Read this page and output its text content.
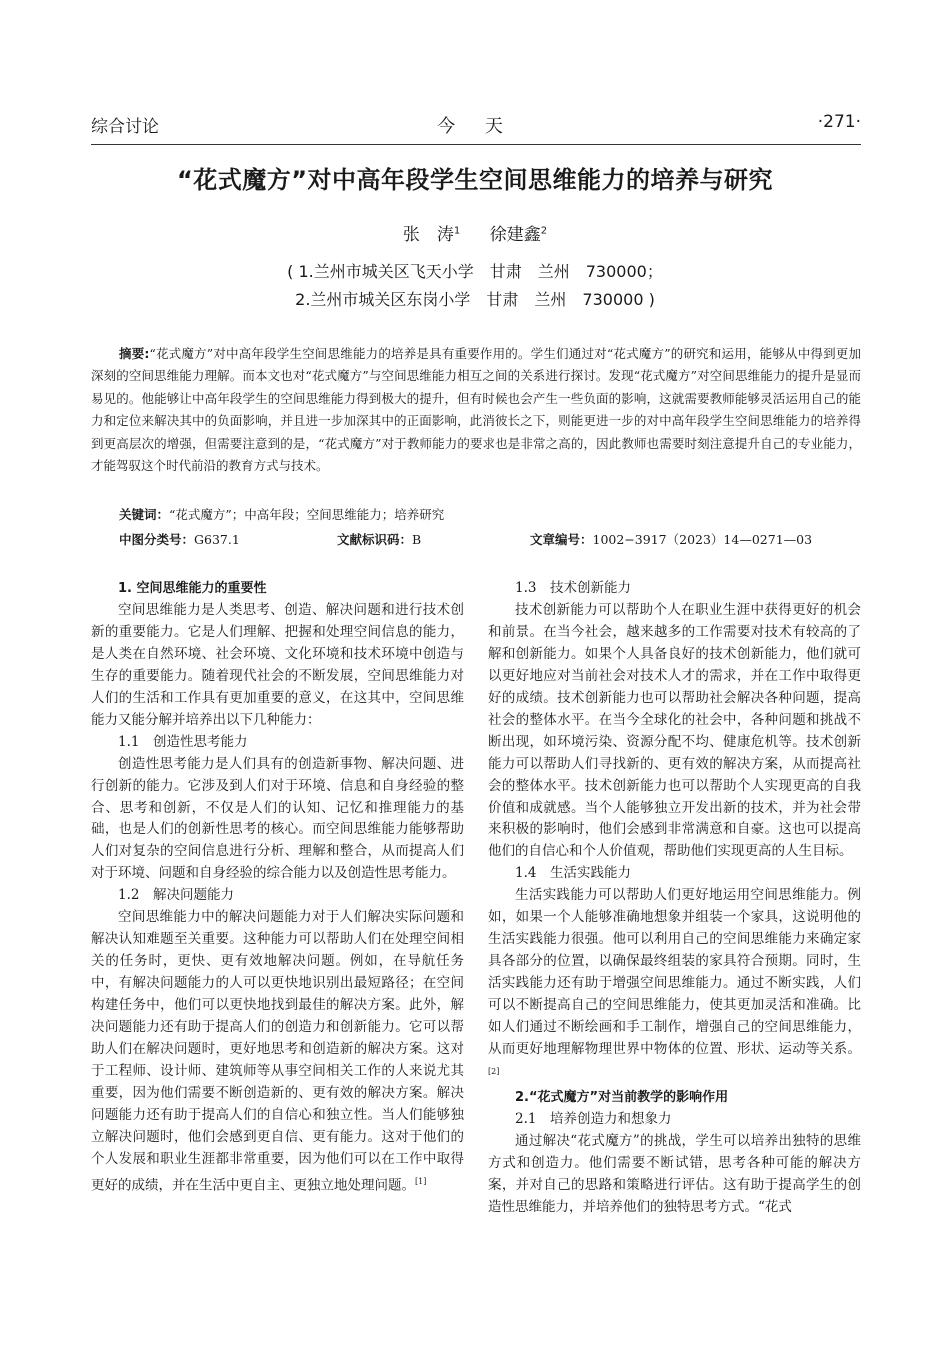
综合讨论	今 天	·271·
“花式魔方”对中高年段学生空间思维能力的培养与研究
张　涛$^1$ 徐建鑫$^2$
( 1.兰州市城关区飞天小学　甘肃　兰州　730000；
2.兰州市城关区东岗小学　甘肃　兰州　730000 )
摘要:“花式魔方”对中高年段学生空间思维能力的培养是具有重要作用的。学生们通过对“花式魔方”的研究和运用，能够从中得到更加深刻的空间思维能力理解。而本文也对“花式魔方”与空间思维能力相互之间的关系进行探讨。发现“花式魔方”对空间思维能力的提升是显而易见的。他能够让中高年段学生的空间思维能力得到极大的提升，但有时候也会产生一些负面的影响，这就需要教师能够灵活运用自己的能力和定位来解决其中的负面影响，并且进一步加深其中的正面影响，此消彼长之下，则能更进一步的对中高年段学生空间思维能力的培养得到更高层次的增强，但需要注意到的是，“花式魔方”对于教师能力的要求也是非常之高的，因此教师也需要时刻注意提升自己的专业能力，才能驾驭这个时代前沿的教育方式与技术。
关键词：“花式魔方”；中高年段；空间思维能力；培养研究
中图分类号：G637.1	文献标识码：B	文章编号：1002−3917（2023）14—0271—03

1. 空间思维能力的重要性

空间思维能力是人类思考、创造、解决问题和进行技术创新的重要能力。它是人们理解、把握和处理空间信息的能力，是人类在自然环境、社会环境、文化环境和技术环境中创造与生存的重要能力。随着现代社会的不断发展，空间思维能力对人们的生活和工作具有更加重要的意义，在这其中，空间思维能力又能分解并培养出以下几种能力：

1.1　创造性思考能力

创造性思考能力是人们具有的创造新事物、解决问题、进行创新的能力。它涉及到人们对于环境、信息和自身经验的整合、思考和创新，不仅是人们的认知、记忆和推理能力的基础，也是人们的创新性思考的核心。而空间思维能力能够帮助人们对复杂的空间信息进行分析、理解和整合，从而提高人们对于环境、问题和自身经验的综合能力以及创造性思考能力。

1.2　解决问题能力

空间思维能力中的解决问题能力对于人们解决实际问题和解决认知难题至关重要。这种能力可以帮助人们在处理空间相关的任务时，更快、更有效地解决问题。例如，在导航任务中，有解决问题能力的人可以更快地识别出最短路径；在空间构建任务中，他们可以更快地找到最佳的解决方案。此外，解决问题能力还有助于提高人们的创造力和创新能力。它可以帮助人们在解决问题时，更好地思考和创造新的解决方案。这对于工程师、设计师、建筑师等从事空间相关工作的人来说尤其重要，因为他们需要不断创造新的、更有效的解决方案。解决问题能力还有助于提高人们的自信心和独立性。当人们能够独立解决问题时，他们会感到更自信、更有能力。这对于他们的个人发展和职业生涯都非常重要，因为他们可以在工作中取得更好的成绩，并在生活中更自主、更独立地处理问题。[1]

1.3　技术创新能力

技术创新能力可以帮助个人在职业生涯中获得更好的机会和前景。在当今社会，越来越多的工作需要对技术有较高的了解和创新能力。如果个人具备良好的技术创新能力，他们就可以更好地应对当前社会对技术人才的需求，并在工作中取得更好的成绩。技术创新能力也可以帮助社会解决各种问题，提高社会的整体水平。在当今全球化的社会中，各种问题和挑战不断出现，如环境污染、资源分配不均、健康危机等。技术创新能力可以帮助人们寻找新的、更有效的解决方案，从而提高社会的整体水平。技术创新能力也可以帮助个人实现更高的自我价值和成就感。当个人能够独立开发出新的技术，并为社会带来积极的影响时，他们会感到非常满意和自豪。这也可以提高他们的自信心和个人价值观，帮助他们实现更高的人生目标。

1.4　生活实践能力

生活实践能力可以帮助人们更好地运用空间思维能力。例如，如果一个人能够准确地想象并组装一个家具，这说明他的生活实践能力很强。他可以利用自己的空间思维能力来确定家具各部分的位置，以确保最终组装的家具符合预期。同时，生活实践能力还有助于增强空间思维能力。通过不断实践，人们可以不断提高自己的空间思维能力，使其更加灵活和准确。比如人们通过不断绘画和手工制作，增强自己的空间思维能力，从而更好地理解物理世界中物体的位置、形状、运动等关系。[2]

2.“花式魔方”对当前教学的影响作用

2.1　培养创造力和想象力

通过解决“花式魔方”的挑战，学生可以培养出独特的思维方式和创造力。他们需要不断试错，思考各种可能的解决方案，并对自己的思路和策略进行评估。这有助于提高学生的创造性思维能力，并培养他们的独特思考方式。“花式
